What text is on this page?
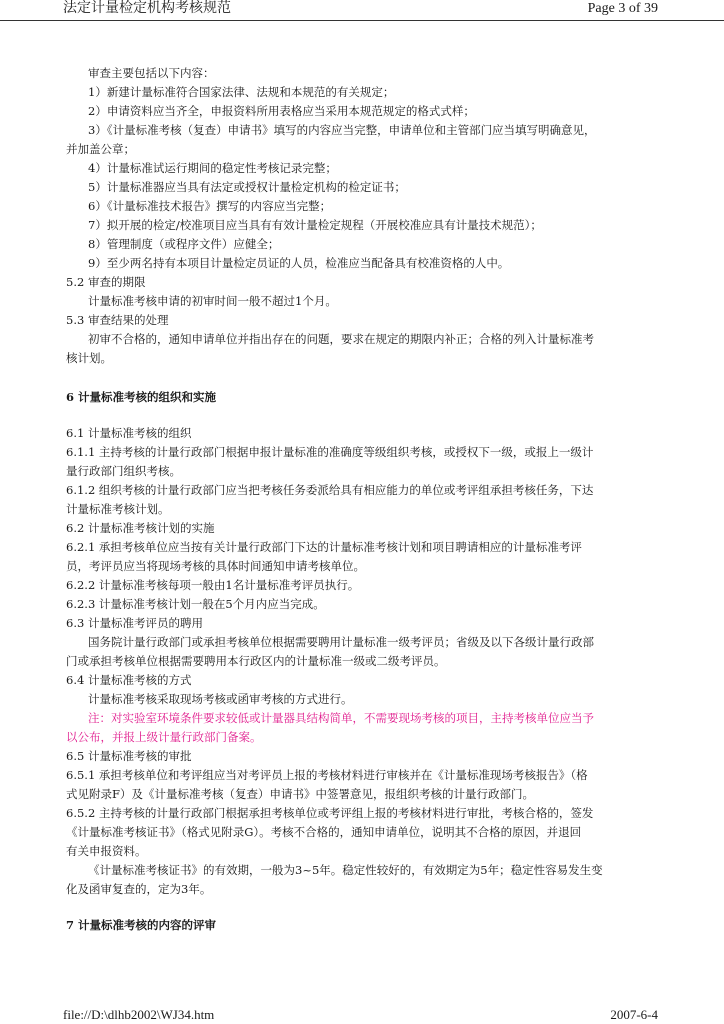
法定计量检定机构考核规范	Page 3 of 39

审查主要包括以下内容：

1）新建计量标准符合国家法律、法规和本规范的有关规定；

2）申请资料应当齐全，申报资料所用表格应当采用本规范规定的格式式样；

3）《计量标准考核（复查）申请书》填写的内容应当完整，申请单位和主管部门应当填写明确意见，

并加盖公章；

4）计量标准试运行期间的稳定性考核记录完整；

5）计量标准器应当具有法定或授权计量检定机构的检定证书；

6）《计量标准技术报告》撰写的内容应当完整；

7）拟开展的检定/校准项目应当具有有效计量检定规程（开展校准应具有计量技术规范）；

8）管理制度（或程序文件）应健全；

9）至少两名持有本项目计量检定员证的人员，检准应当配备具有校准资格的人中。

5.2 审查的期限

计量标准考核申请的初审时间一般不超过1个月。

5.3 审查结果的处理

初审不合格的，通知申请单位并指出存在的问题，要求在规定的期限内补正；合格的列入计量标准考

核计划。

6 计量标准考核的组织和实施

6.1 计量标准考核的组织

6.1.1 主持考核的计量行政部门根据申报计量标准的准确度等级组织考核，或授权下一级，或报上一级计

量行政部门组织考核。

6.1.2 组织考核的计量行政部门应当把考核任务委派给具有相应能力的单位或考评组承担考核任务，下达

计量标准考核计划。

6.2 计量标准考核计划的实施

6.2.1 承担考核单位应当按有关计量行政部门下达的计量标准考核计划和项目聘请相应的计量标准考评

员，考评员应当将现场考核的具体时间通知申请考核单位。

6.2.2 计量标准考核每项一般由1名计量标准考评员执行。

6.2.3 计量标准考核计划一般在5个月内应当完成。

6.3 计量标准考评员的聘用

国务院计量行政部门或承担考核单位根据需要聘用计量标准一级考评员；省级及以下各级计量行政部

门或承担考核单位根据需要聘用本行政区内的计量标准一级或二级考评员。

6.4 计量标准考核的方式

计量标准考核采取现场考核或函审考核的方式进行。

注：对实验室环境条件要求较低或计量器具结构简单，不需要现场考核的项目，主持考核单位应当予

以公布，并报上级计量行政部门备案。

6.5 计量标准考核的审批

6.5.1 承担考核单位和考评组应当对考评员上报的考核材料进行审核并在《计量标准现场考核报告》（格

式见附录F）及《计量标准考核（复查）申请书》中签署意见，报组织考核的计量行政部门。

6.5.2 主持考核的计量行政部门根据承担考核单位或考评组上报的考核材料进行审批，考核合格的，签发

《计量标准考核证书》（格式见附录G）。考核不合格的，通知申请单位，说明其不合格的原因，并退回

有关申报资料。

《计量标准考核证书》的有效期，一般为3~5年。稳定性较好的，有效期定为5年；稳定性容易发生变

化及函审复查的，定为3年。

7 计量标准考核的内容的评审

file://D:\dlhb2002\WJ34.htm	2007-6-4
